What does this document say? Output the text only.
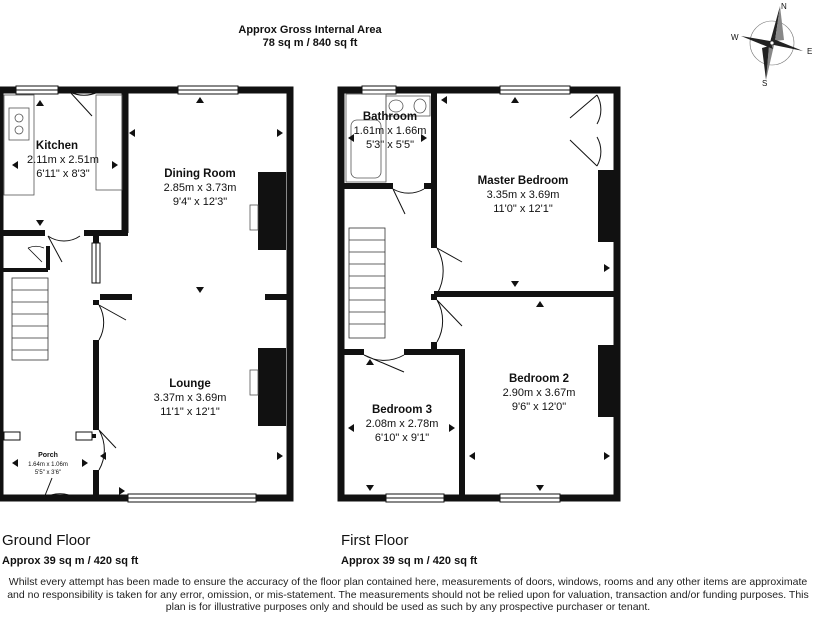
Approx Gross Internal Area
78 sq m / 840 sq ft
N
E
S
W
Kitchen
2.11m x 2.51m
6'11" x 8'3"	Dining Room
2.85m x 3.73m
9'4" x 12'3"
Lounge
3.37m x 3.69m
11'1" x 12'1"
Porch
1.64m x 1.06m
5'5" x 3'6"
Bathroom
1.61m x 1.66m
5'3" x 5'5"
Master Bedroom
3.35m x 3.69m
11'0" x 12'1"
Bedroom 2
2.90m x 3.67m
9'6" x 12'0"
Bedroom 3
2.08m x 2.78m
6'10" x 9'1"
Ground Floor
Approx 39 sq m / 420 sq ft
First Floor
Approx 39 sq m / 420 sq ft
Whilst every attempt has been made to ensure the accuracy of the floor plan contained here, measurements of doors, windows, rooms and any other items are approximate and no responsibility is taken for any error, omission, or mis-statement. The measurements should not be relied upon for valuation, transaction and/or funding purposes. This plan is for illustrative purposes only and should be used as such by any prospective purchaser or tenant.
